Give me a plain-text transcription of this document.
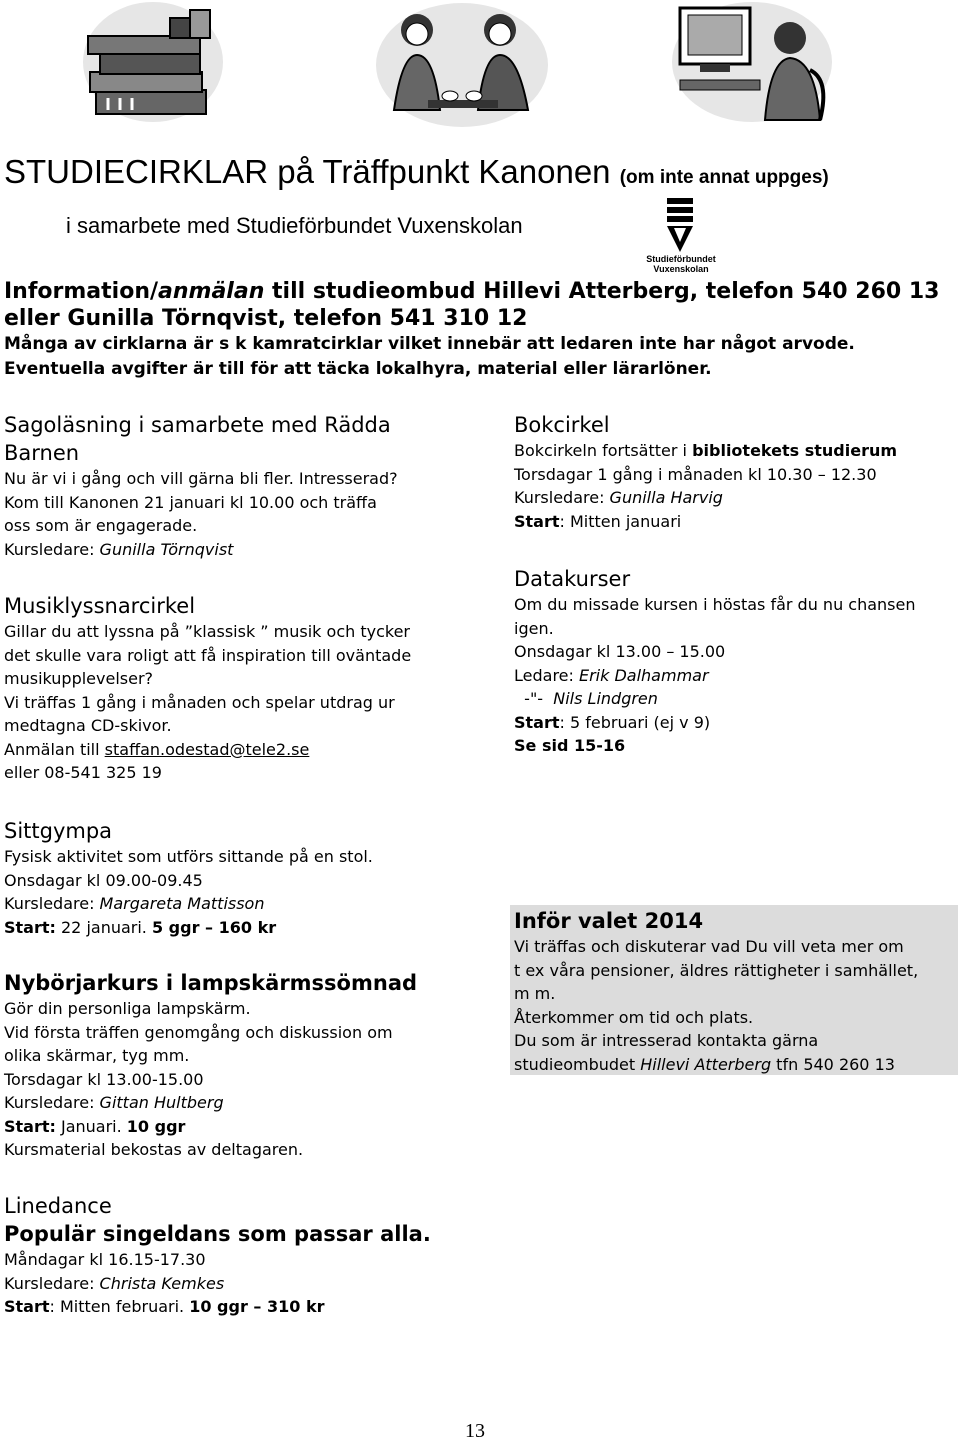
STUDIECIRKLAR på Träffpunkt Kanonen (om inte annat uppges)
i samarbete med Studieförbundet Vuxenskolan
Studieförbundet
Vuxenskolan
Information/anmälan till studieombud Hillevi Atterberg, telefon 540 260 13
eller Gunilla Törnqvist, telefon 541 310 12
Många av cirklarna är s k kamratcirklar vilket innebär att ledaren inte har något arvode.
Eventuella avgifter är till för att täcka lokalhyra, material eller lärarlöner.
Sagoläsning i samarbete med Rädda
Barnen
Nu är vi i gång och vill gärna bli fler. Intresserad?
Kom till Kanonen 21 januari kl 10.00 och träffa
oss som är engagerade.
Kursledare: Gunilla Törnqvist
Musiklyssnarcirkel
Gillar du att lyssna på ”klassisk ” musik och tycker
det skulle vara roligt att få inspiration till oväntade
musikupplevelser?
Vi träffas 1 gång i månaden och spelar utdrag ur
medtagna CD-skivor.
Anmälan till staffan.odestad@tele2.se
eller 08-541 325 19
Bokcirkel
Bokcirkeln fortsätter i bibliotekets studierum
Torsdagar 1 gång i månaden kl 10.30 – 12.30
Kursledare: Gunilla Harvig
Start: Mitten januari
Datakurser
Om du missade kursen i höstas får du nu chansen
igen.
Onsdagar kl 13.00 – 15.00
Ledare: Erik Dalhammar
-"-  Nils Lindgren
Start: 5 februari (ej v 9)
Se sid 15-16
Sittgympa
Fysisk aktivitet som utförs sittande på en stol.
Onsdagar kl 09.00-09.45
Kursledare: Margareta Mattisson
Start: 22 januari. 5 ggr – 160 kr
Nybörjarkurs i lampskärmssömnad
Gör din personliga lampskärm.
Vid första träffen genomgång och diskussion om
olika skärmar, tyg mm.
Torsdagar kl 13.00-15.00
Kursledare: Gittan Hultberg
Start: Januari. 10 ggr
Kursmaterial bekostas av deltagaren.
Inför valet 2014
Vi träffas och diskuterar vad Du vill veta mer om
t ex våra pensioner, äldres rättigheter i samhället,
m m.
Återkommer om tid och plats.
Du som är intresserad kontakta gärna
studieombudet Hillevi Atterberg tfn 540 260 13
Linedance
Populär singeldans som passar alla.
Måndagar kl 16.15-17.30
Kursledare: Christa Kemkes
Start: Mitten februari. 10 ggr – 310 kr
13
